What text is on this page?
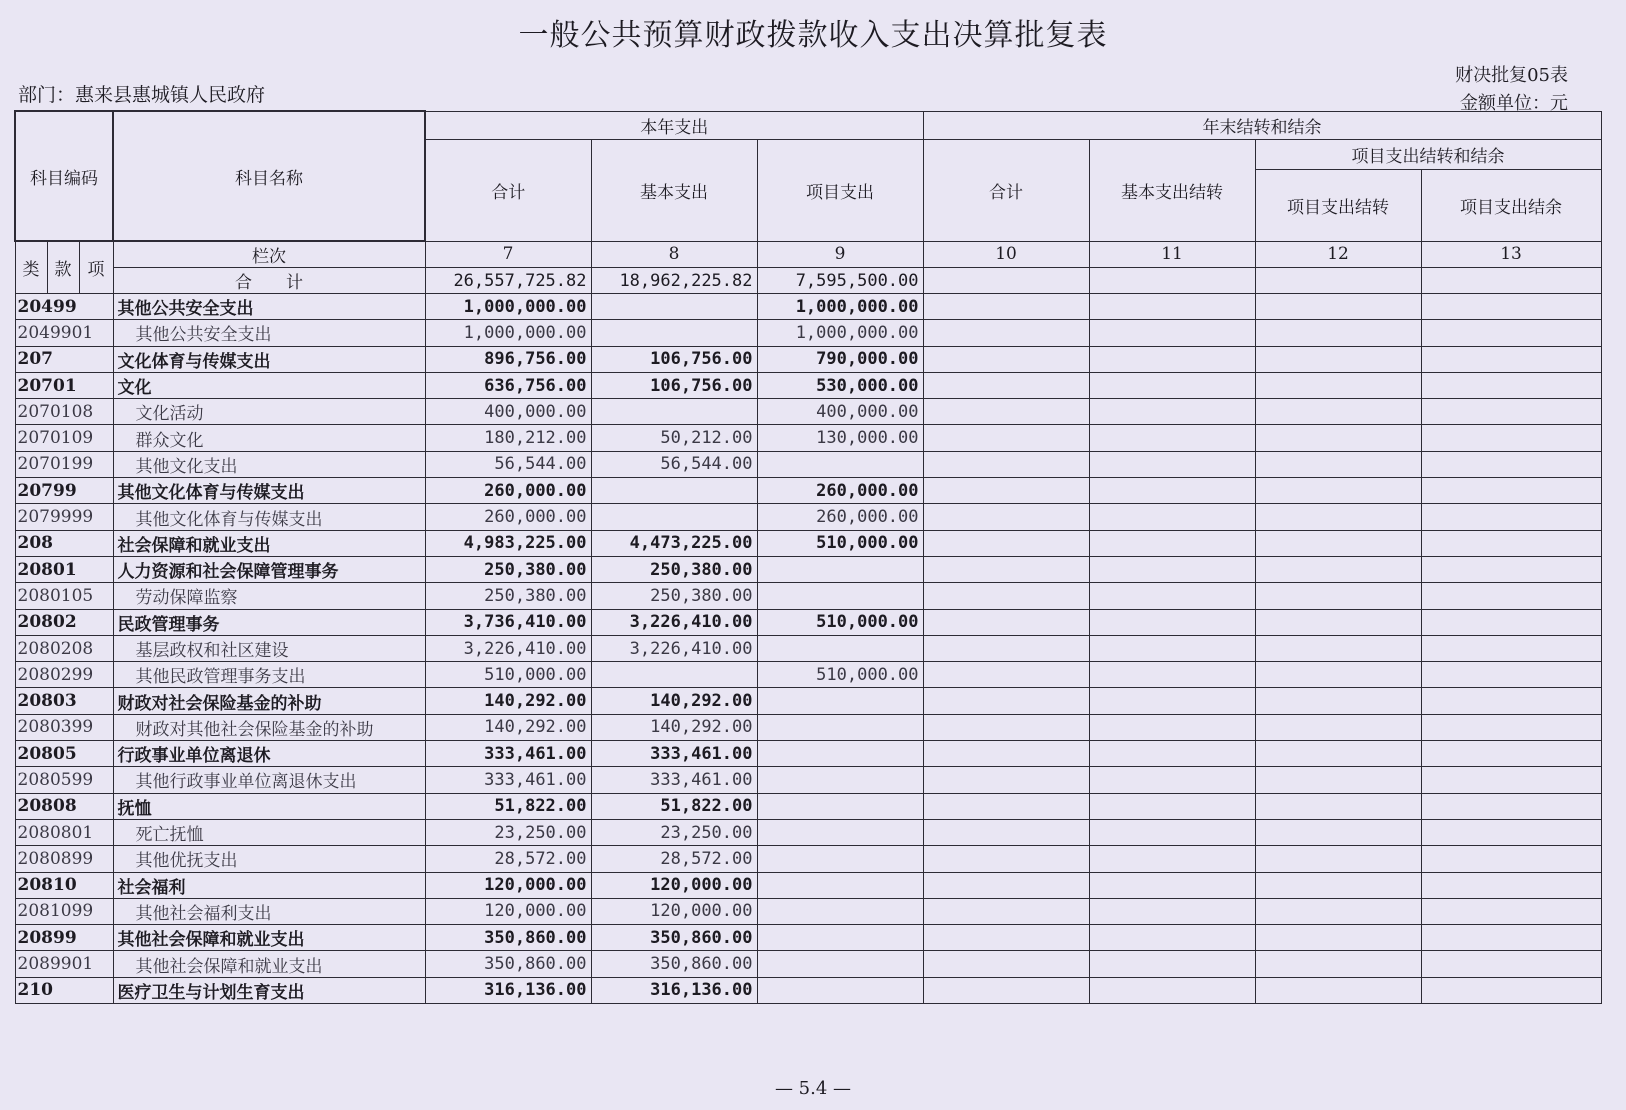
一般公共预算财政拨款收入支出决算批复表
部门：惠来县惠城镇人民政府
财决批复05表
金额单位：元
科目编码			科目名称	本年支出			年末结转和结余			
				合计	基本支出	项目支出	合计	基本支出结转	项目支出结转和结余	
									项目支出结转	项目支出结余
类	款	项	栏次	7	8	9	10	11	12	13
			合　　计	26,557,725.82	18,962,225.82	7,595,500.00				
20499			其他公共安全支出	1,000,000.00		1,000,000.00				
2049901			其他公共安全支出	1,000,000.00		1,000,000.00				
207			文化体育与传媒支出	896,756.00	106,756.00	790,000.00				
20701			文化	636,756.00	106,756.00	530,000.00				
2070108			文化活动	400,000.00		400,000.00				
2070109			群众文化	180,212.00	50,212.00	130,000.00				
2070199			其他文化支出	56,544.00	56,544.00					
20799			其他文化体育与传媒支出	260,000.00		260,000.00				
2079999			其他文化体育与传媒支出	260,000.00		260,000.00				
208			社会保障和就业支出	4,983,225.00	4,473,225.00	510,000.00				
20801			人力资源和社会保障管理事务	250,380.00	250,380.00					
2080105			劳动保障监察	250,380.00	250,380.00					
20802			民政管理事务	3,736,410.00	3,226,410.00	510,000.00				
2080208			基层政权和社区建设	3,226,410.00	3,226,410.00					
2080299			其他民政管理事务支出	510,000.00		510,000.00				
20803			财政对社会保险基金的补助	140,292.00	140,292.00					
2080399			财政对其他社会保险基金的补助	140,292.00	140,292.00					
20805			行政事业单位离退休	333,461.00	333,461.00					
2080599			其他行政事业单位离退休支出	333,461.00	333,461.00					
20808			抚恤	51,822.00	51,822.00					
2080801			死亡抚恤	23,250.00	23,250.00					
2080899			其他优抚支出	28,572.00	28,572.00					
20810			社会福利	120,000.00	120,000.00					
2081099			其他社会福利支出	120,000.00	120,000.00					
20899			其他社会保障和就业支出	350,860.00	350,860.00					
2089901			其他社会保障和就业支出	350,860.00	350,860.00					
210			医疗卫生与计划生育支出	316,136.00	316,136.00					
— 5.4 —
